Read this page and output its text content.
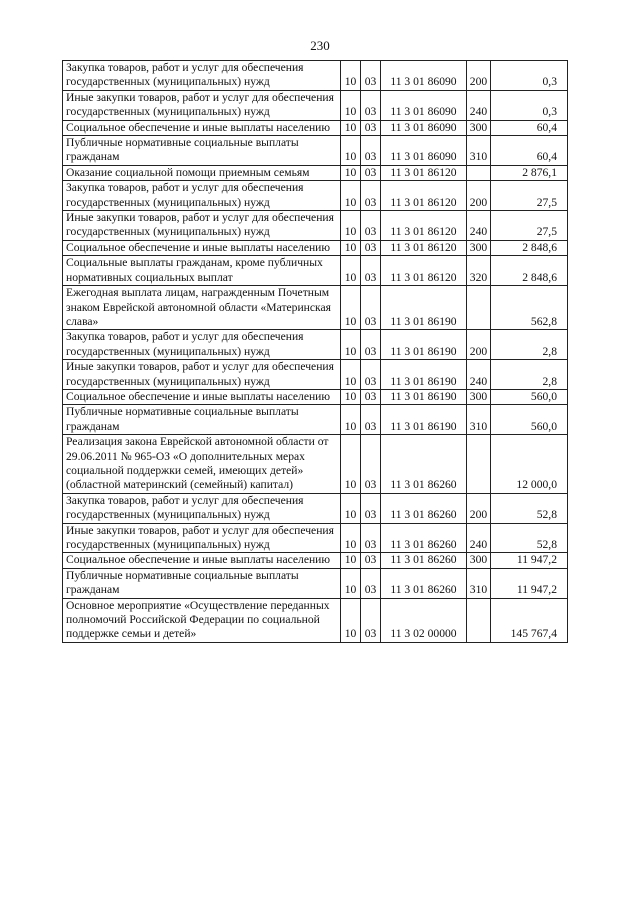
230
Закупка товаров, работ и услуг для обеспечения государственных (муниципальных) нужд	10	03	11 3 01 86090	200	0,3
Иные закупки товаров, работ и услуг для обеспечения государственных (муниципальных) нужд	10	03	11 3 01 86090	240	0,3
Социальное обеспечение и иные выплаты населению	10	03	11 3 01 86090	300	60,4
Публичные нормативные социальные выплаты гражданам	10	03	11 3 01 86090	310	60,4
Оказание социальной помощи приемным семьям	10	03	11 3 01 86120		2 876,1
Закупка товаров, работ и услуг для обеспечения государственных (муниципальных) нужд	10	03	11 3 01 86120	200	27,5
Иные закупки товаров, работ и услуг для обеспечения государственных (муниципальных) нужд	10	03	11 3 01 86120	240	27,5
Социальное обеспечение и иные выплаты населению	10	03	11 3 01 86120	300	2 848,6
Социальные выплаты гражданам, кроме публичных нормативных социальных выплат	10	03	11 3 01 86120	320	2 848,6
Ежегодная выплата лицам, награжденным Почетным знаком Еврейской автономной области «Материнская слава»	10	03	11 3 01 86190		562,8
Закупка товаров, работ и услуг для обеспечения государственных (муниципальных) нужд	10	03	11 3 01 86190	200	2,8
Иные закупки товаров, работ и услуг для обеспечения государственных (муниципальных) нужд	10	03	11 3 01 86190	240	2,8
Социальное обеспечение и иные выплаты населению	10	03	11 3 01 86190	300	560,0
Публичные нормативные социальные выплаты гражданам	10	03	11 3 01 86190	310	560,0
Реализация закона Еврейской автономной области от 29.06.2011 № 965-ОЗ «О дополнительных мерах социальной поддержки семей, имеющих детей» (областной материнский (семейный) капитал)	10	03	11 3 01 86260		12 000,0
Закупка товаров, работ и услуг для обеспечения государственных (муниципальных) нужд	10	03	11 3 01 86260	200	52,8
Иные закупки товаров, работ и услуг для обеспечения государственных (муниципальных) нужд	10	03	11 3 01 86260	240	52,8
Социальное обеспечение и иные выплаты населению	10	03	11 3 01 86260	300	11 947,2
Публичные нормативные социальные выплаты гражданам	10	03	11 3 01 86260	310	11 947,2
Основное мероприятие «Осуществление переданных полномочий Российской Федерации по социальной поддержке семьи и детей»	10	03	11 3 02 00000		145 767,4
